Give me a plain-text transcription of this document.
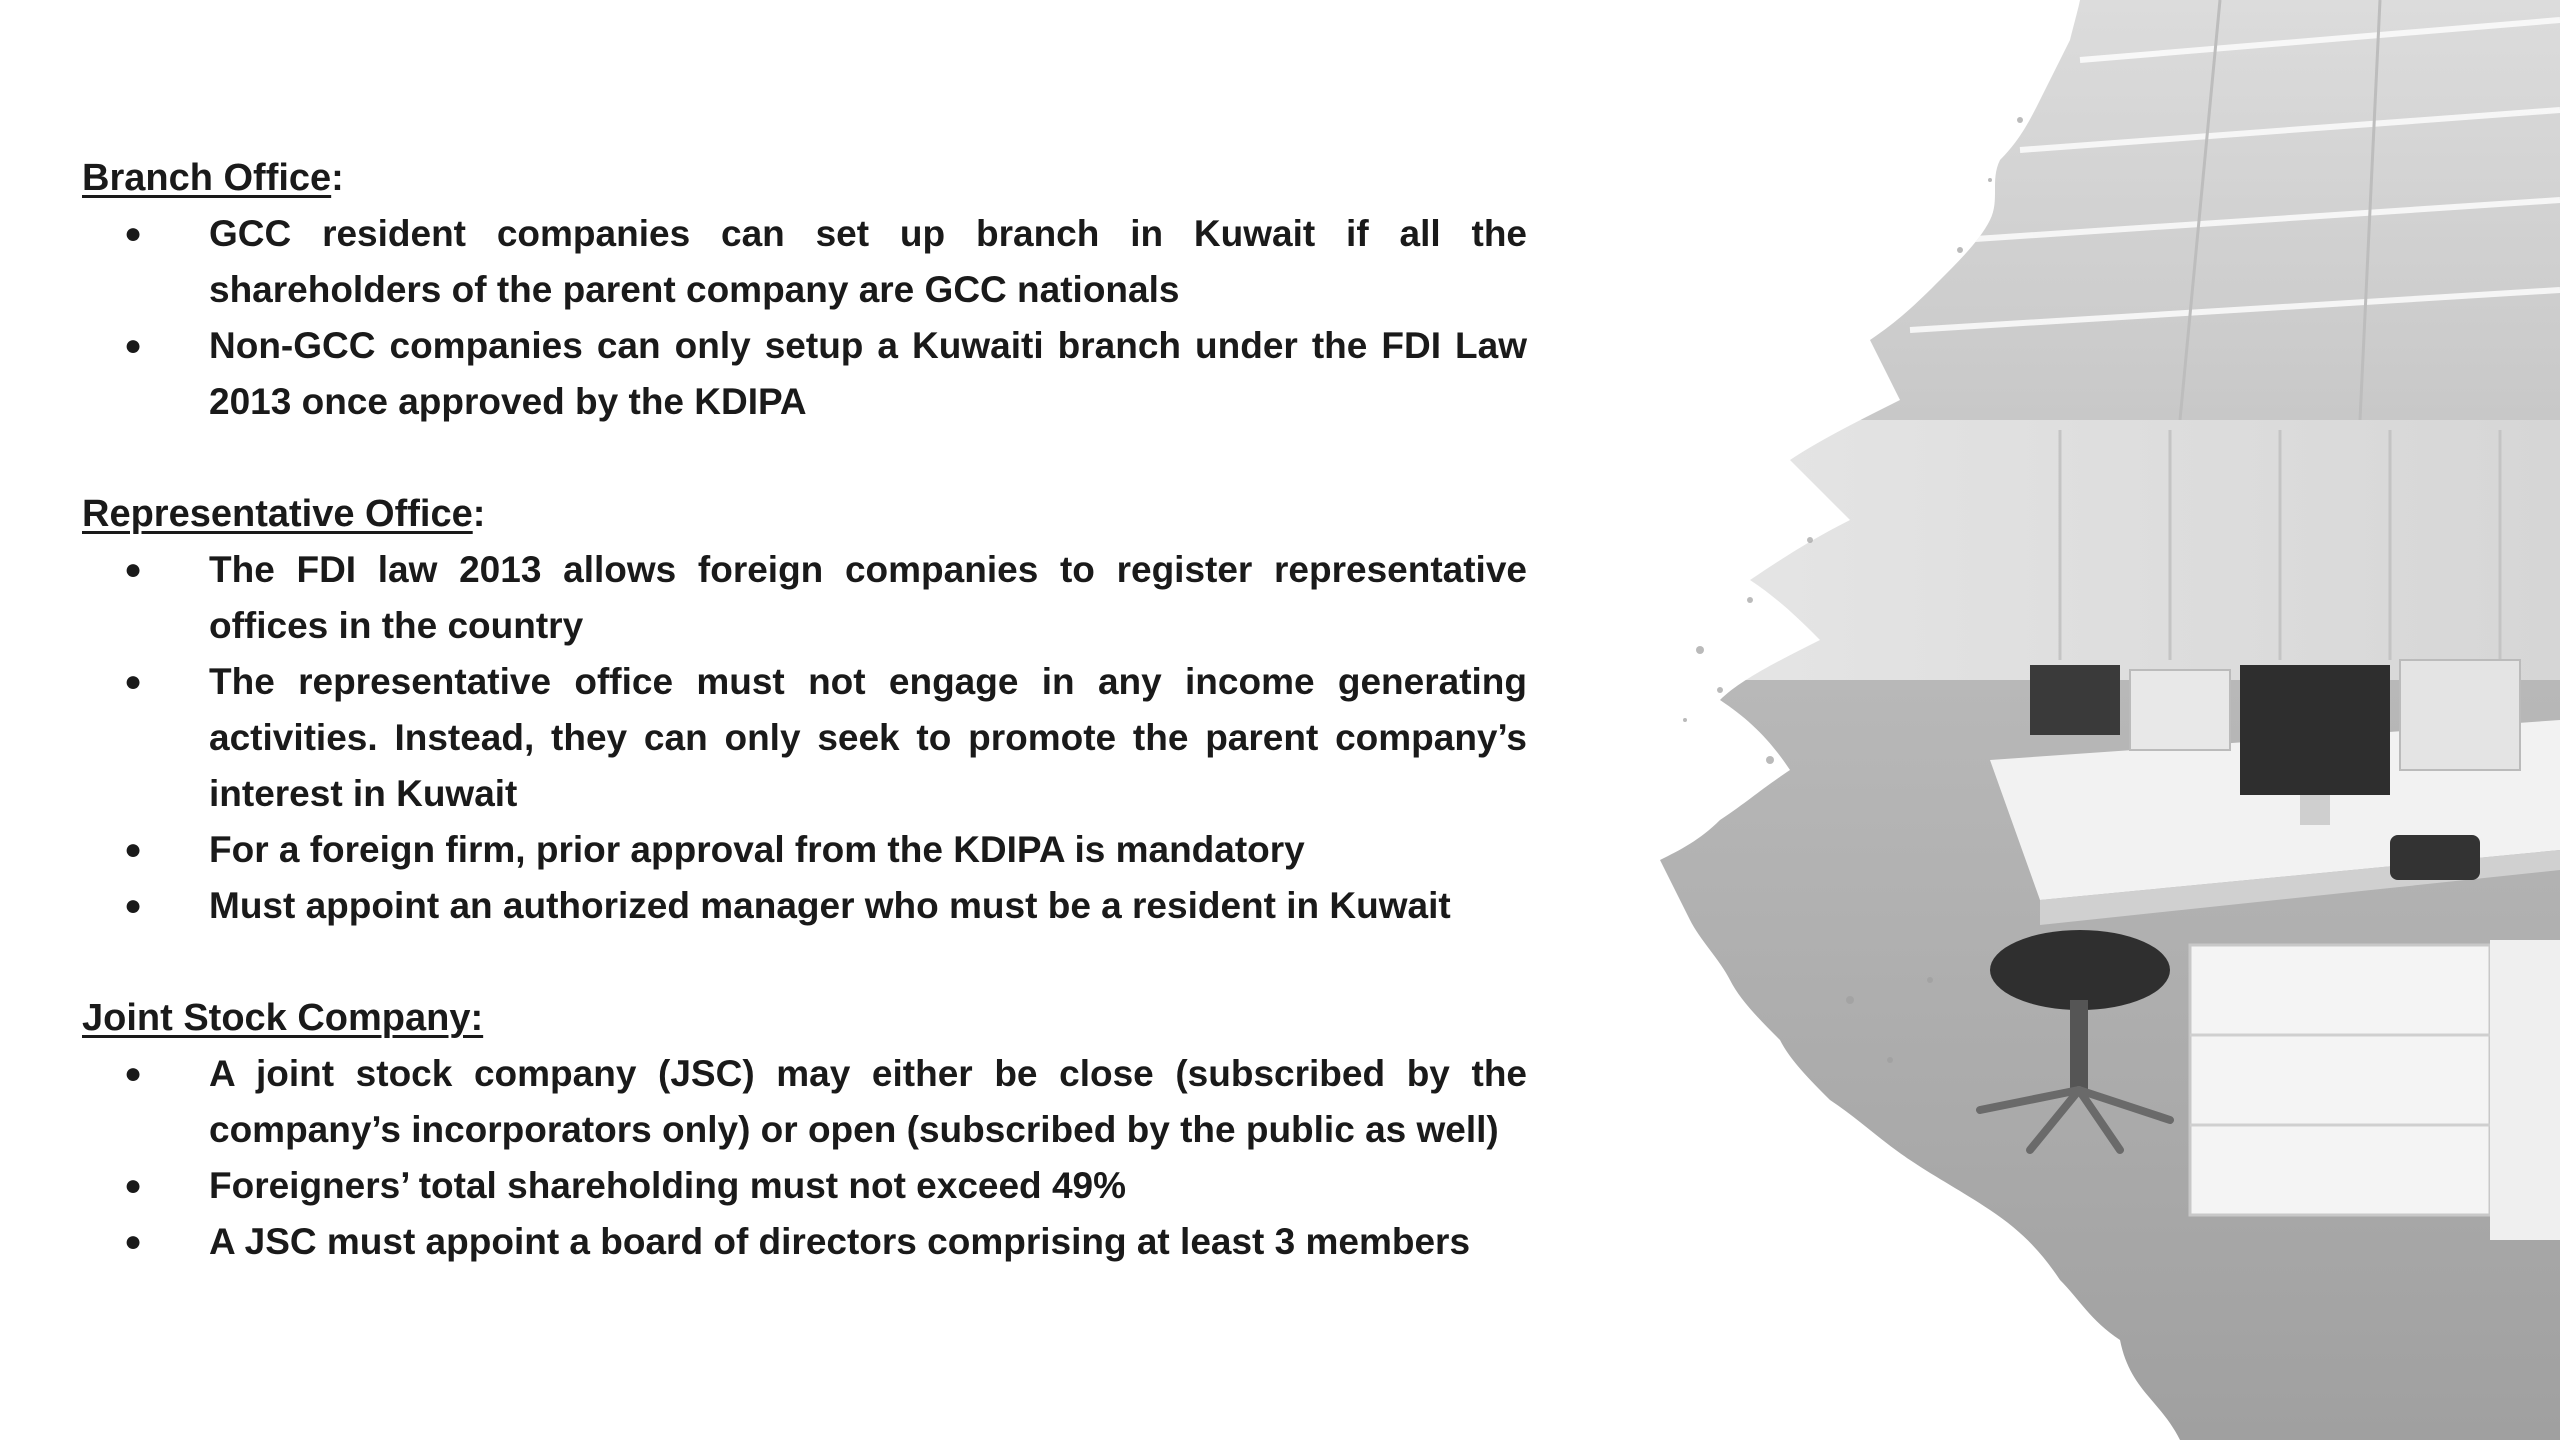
Branch Office:

● GCC resident companies can set up branch in Kuwait if all the shareholders of the parent company are GCC nationals
● Non-GCC companies can only setup a Kuwaiti branch under the FDI Law 2013 once approved by the KDIPA

Representative Office:

● The FDI law 2013 allows foreign companies to register representative offices in the country
● The representative office must not engage in any income generating activities. Instead, they can only seek to promote the parent company’s interest in Kuwait
● For a foreign firm, prior approval from the KDIPA is mandatory
● Must appoint an authorized manager who must be a resident in Kuwait

Joint Stock Company:

● A joint stock company (JSC) may either be close (subscribed by the company’s incorporators only) or open (subscribed by the public as well)
● Foreigners’ total shareholding must not exceed 49%
● A JSC must appoint a board of directors comprising at least 3 members
